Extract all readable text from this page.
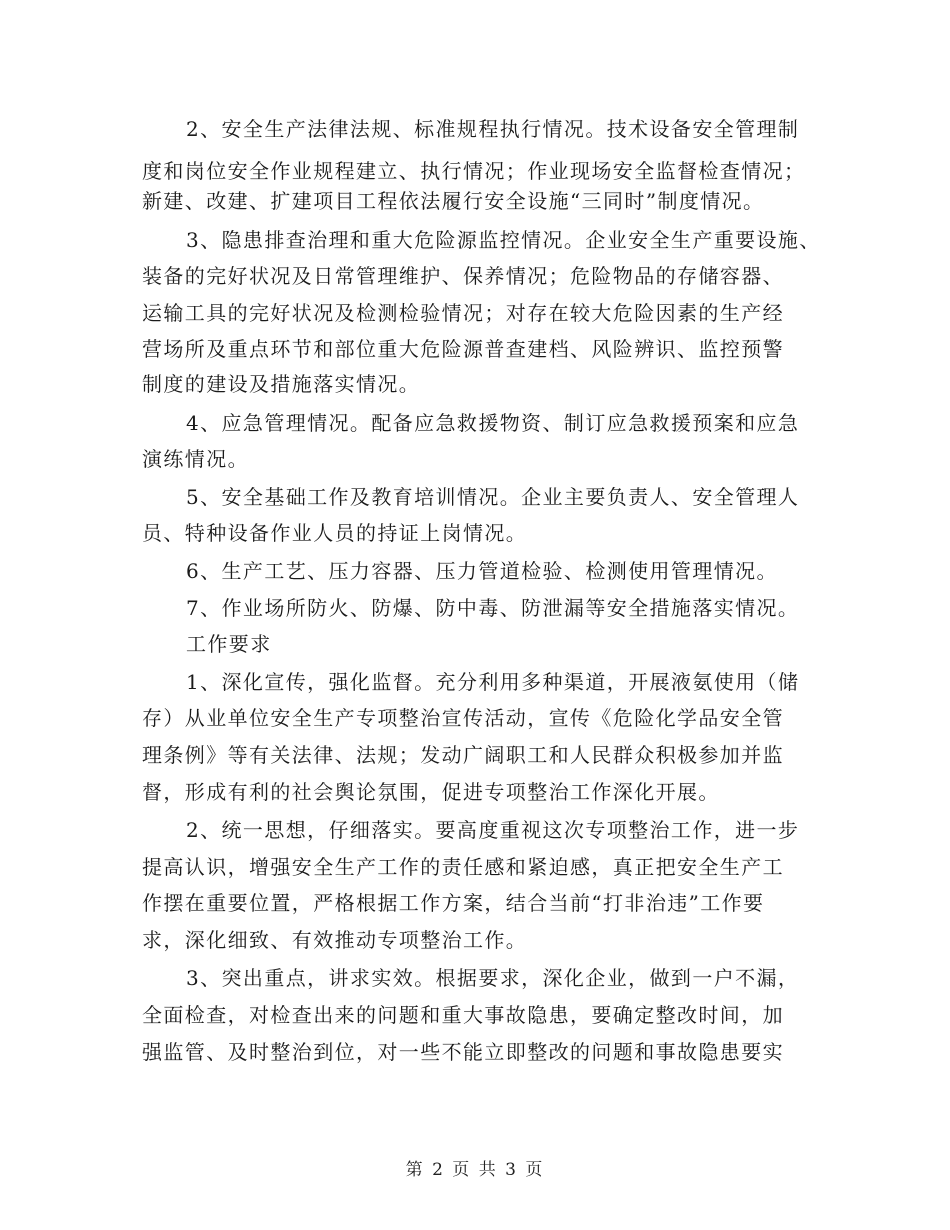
2、安全生产法律法规、标准规程执行情况。技术设备安全管理制
度和岗位安全作业规程建立、执行情况；作业现场安全监督检查情况；
新建、改建、扩建项目工程依法履行安全设施“三同时”制度情况。
3、隐患排查治理和重大危险源监控情况。企业安全生产重要设施、
装备的完好状况及日常管理维护、保养情况；危险物品的存储容器、
运输工具的完好状况及检测检验情况；对存在较大危险因素的生产经
营场所及重点环节和部位重大危险源普查建档、风险辨识、监控预警
制度的建设及措施落实情况。
4、应急管理情况。配备应急救援物资、制订应急救援预案和应急
演练情况。
5、安全基础工作及教育培训情况。企业主要负责人、安全管理人
员、特种设备作业人员的持证上岗情况。
6、生产工艺、压力容器、压力管道检验、检测使用管理情况。
7、作业场所防火、防爆、防中毒、防泄漏等安全措施落实情况。
工作要求
1、深化宣传，强化监督。充分利用多种渠道，开展液氨使用（储
存）从业单位安全生产专项整治宣传活动，宣传《危险化学品安全管
理条例》等有关法律、法规；发动广阔职工和人民群众积极参加并监
督，形成有利的社会舆论氛围，促进专项整治工作深化开展。
2、统一思想，仔细落实。要高度重视这次专项整治工作，进一步
提高认识，增强安全生产工作的责任感和紧迫感，真正把安全生产工
作摆在重要位置，严格根据工作方案，结合当前“打非治违”工作要
求，深化细致、有效推动专项整治工作。
3、突出重点，讲求实效。根据要求，深化企业，做到一户不漏，
全面检查，对检查出来的问题和重大事故隐患，要确定整改时间，加
强监管、及时整治到位，对一些不能立即整改的问题和事故隐患要实
第 2 页 共 3 页
